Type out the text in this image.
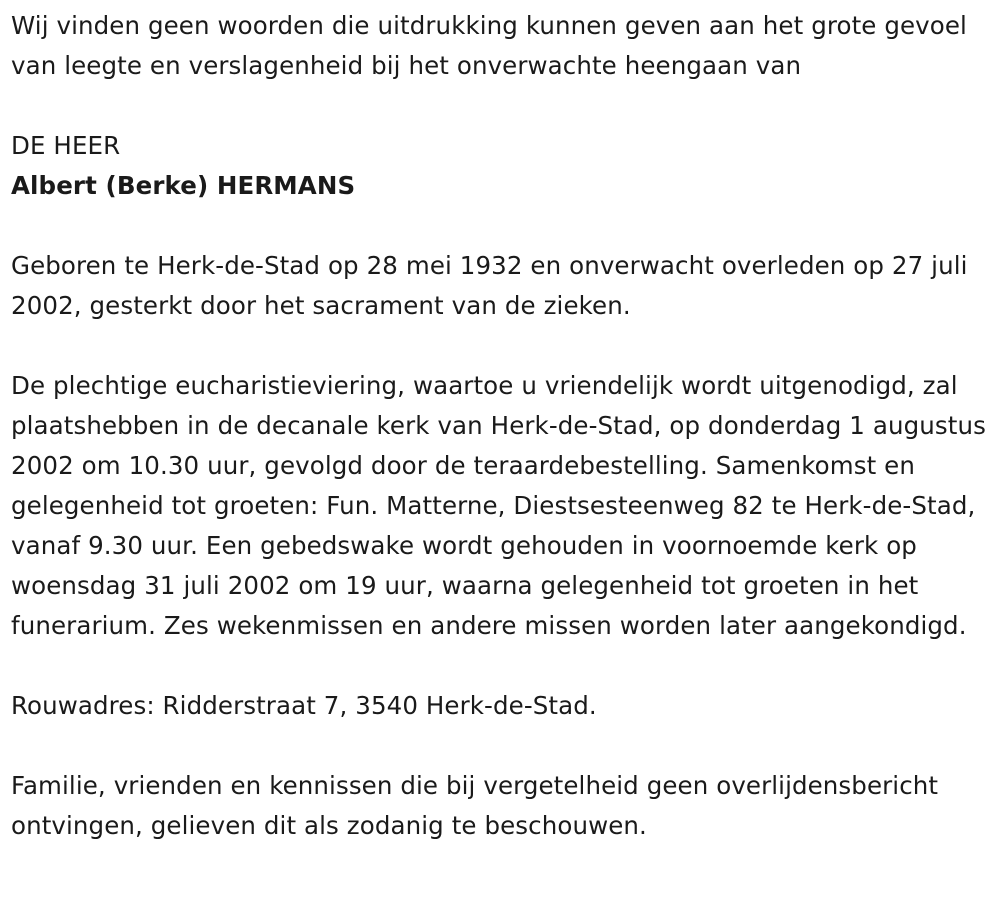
Wij vinden geen woorden die uitdrukking kunnen geven aan het grote gevoel van leegte en verslagenheid bij het onverwachte heengaan van

DE HEER

Albert (Berke) HERMANS

Geboren te Herk-de-Stad op 28 mei 1932 en onverwacht overleden op 27 juli 2002, gesterkt door het sacrament van de zieken.

De plechtige eucharistieviering, waartoe u vriendelijk wordt uitgenodigd, zal plaatshebben in de decanale kerk van Herk-de-Stad, op donderdag 1 augustus 2002 om 10.30 uur, gevolgd door de teraardebestelling. Samenkomst en gelegenheid tot groeten: Fun. Matterne, Diestsesteenweg 82 te Herk-de-Stad, vanaf 9.30 uur. Een gebedswake wordt gehouden in voornoemde kerk op woensdag 31 juli 2002 om 19 uur, waarna gelegenheid tot groeten in het funerarium. Zes wekenmissen en andere missen worden later aangekondigd.

Rouwadres: Ridderstraat 7, 3540 Herk-de-Stad.

Familie, vrienden en kennissen die bij vergetelheid geen overlijdensbericht ontvingen, gelieven dit als zodanig te beschouwen.
